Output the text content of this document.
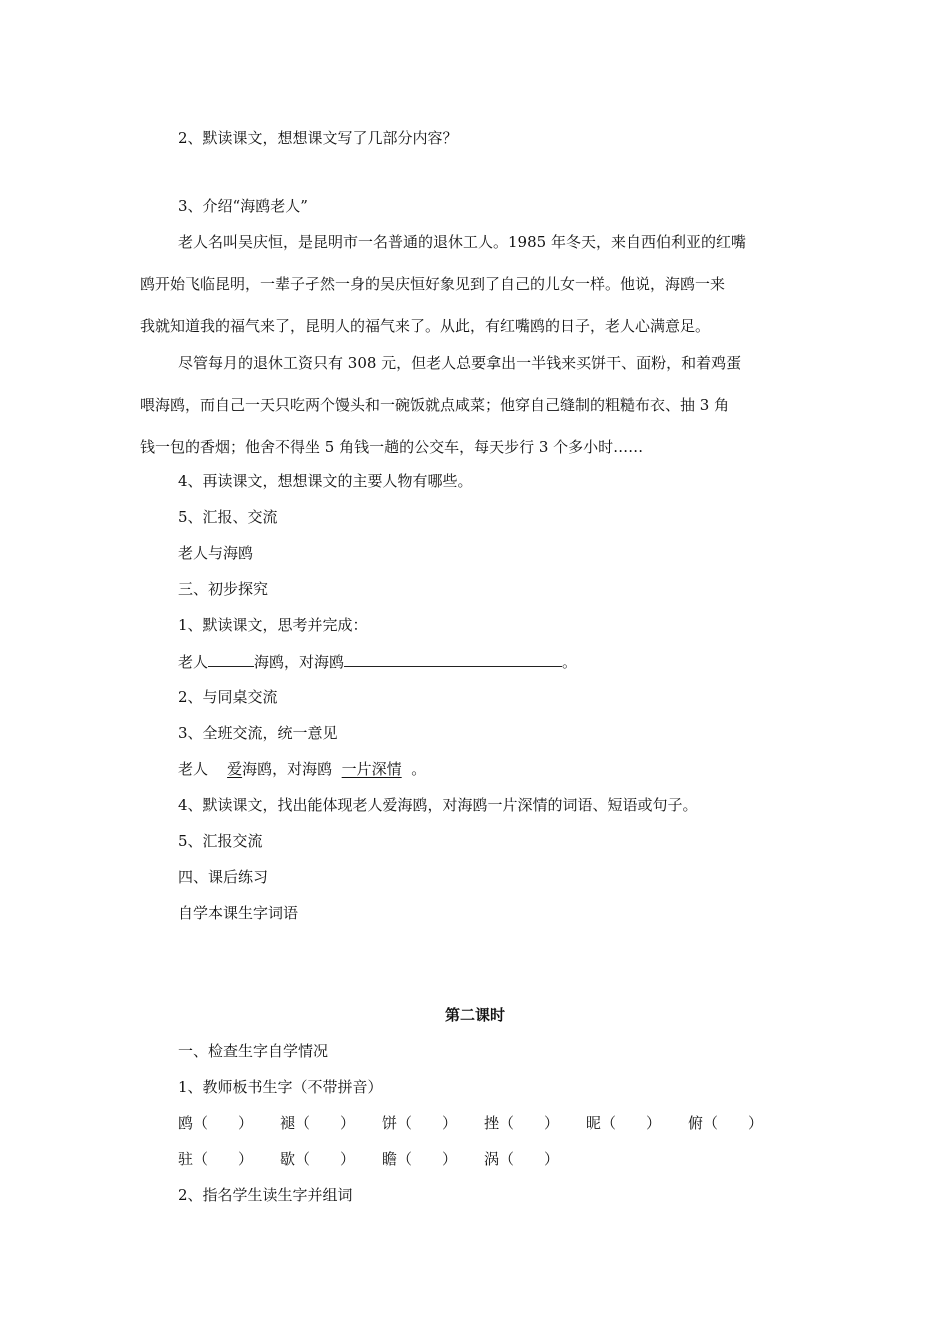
2、默读课文，想想课文写了几部分内容？
3、介绍“海鸥老人”
老人名叫吴庆恒，是昆明市一名普通的退休工人。1985 年冬天，来自西伯利亚的红嘴
鸥开始飞临昆明，一辈子孑然一身的吴庆恒好象见到了自己的儿女一样。他说，海鸥一来
我就知道我的福气来了，昆明人的福气来了。从此，有红嘴鸥的日子，老人心满意足。
尽管每月的退休工资只有 308 元，但老人总要拿出一半钱来买饼干、面粉，和着鸡蛋
喂海鸥，而自己一天只吃两个馒头和一碗饭就点咸菜；他穿自己缝制的粗糙布衣、抽 3 角
钱一包的香烟；他舍不得坐 5 角钱一趟的公交车，每天步行 3 个多小时……
4、再读课文，想想课文的主要人物有哪些。
5、汇报、交流
老人与海鸥
三、初步探究
1、默读课文，思考并完成：
老人	海鸥，对海鸥	。
2、与同桌交流
3、全班交流，统一意见
老人 爱海鸥，对海鸥 一片深情 。
4、默读课文，找出能体现老人爱海鸥，对海鸥一片深情的词语、短语或句子。
5、汇报交流
四、课后练习
自学本课生字词语
第二课时
一、检查生字自学情况
1、教师板书生字（不带拼音）
鸥（　　） 褪（　　） 饼（　　） 挫（　　） 昵（　　） 俯（　　）
驻（　　） 歇（　　） 瞻（　　） 涡（　　）
2、指名学生读生字并组词
